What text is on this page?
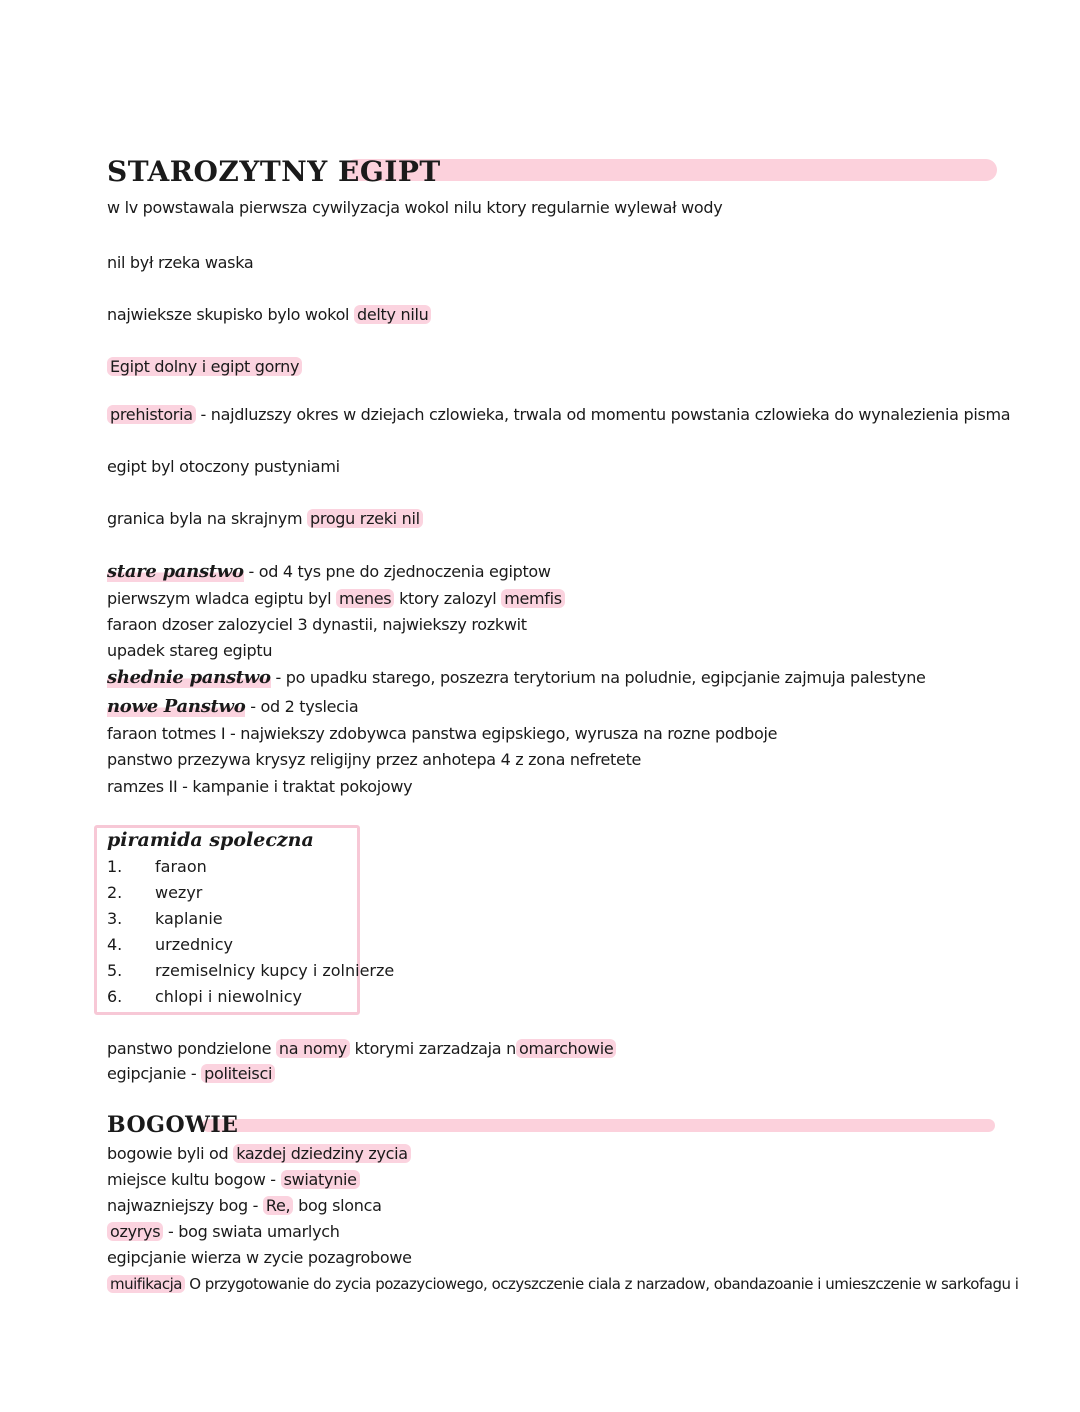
STAROZYTNY EGIPT
w lv powstawala pierwsza cywilyzacja wokol nilu ktory regularnie wylewał wody
nil był rzeka waska
najwieksze skupisko bylo wokol delty nilu
Egipt dolny i egipt gorny
prehistoria - najdluzszy okres w dziejach czlowieka, trwala od momentu powstania czlowieka do wynalezienia pisma
egipt byl otoczony pustyniami
granica byla na skrajnym progu rzeki nil
stare panstwo - od 4 tys pne do zjednoczenia egiptow
pierwszym wladca egiptu byl menes ktory zalozyl memfis
faraon dzoser zalozyciel 3 dynastii, najwiekszy rozkwit
upadek stareg egiptu
shednie panstwo - po upadku starego, poszezra terytorium na poludnie, egipcjanie zajmuja palestyne
nowe Panstwo - od 2 tyslecia
faraon totmes I - najwiekszy zdobywca panstwa egipskiego, wyrusza na rozne podboje
panstwo przezywa krysyz religijny przez anhotepa 4 z zona nefretete
ramzes II - kampanie i traktat pokojowy
piramida spoleczna
1. faraon
2. wezyr
3. kaplanie
4. urzednicy
5. rzemiselnicy kupcy i zolnierze
6. chlopi i niewolnicy
panstwo pondzielone na nomy ktorymi zarzadzaja n omarchowie
egipcjanie - politeisci
BOGOWIE
bogowie byli od kazdej dziedziny zycia
miejsce kultu bogow - swiatynie
najwazniejszy bog - Re, bog slonca
ozyrys - bog swiata umarlych
egipcjanie wierza w zycie pozagrobowe
muifikacja O przygotowanie do zycia pozazyciowego, oczyszczenie ciala z narzadow, obandazoanie i umieszczenie w sarkofagu i
